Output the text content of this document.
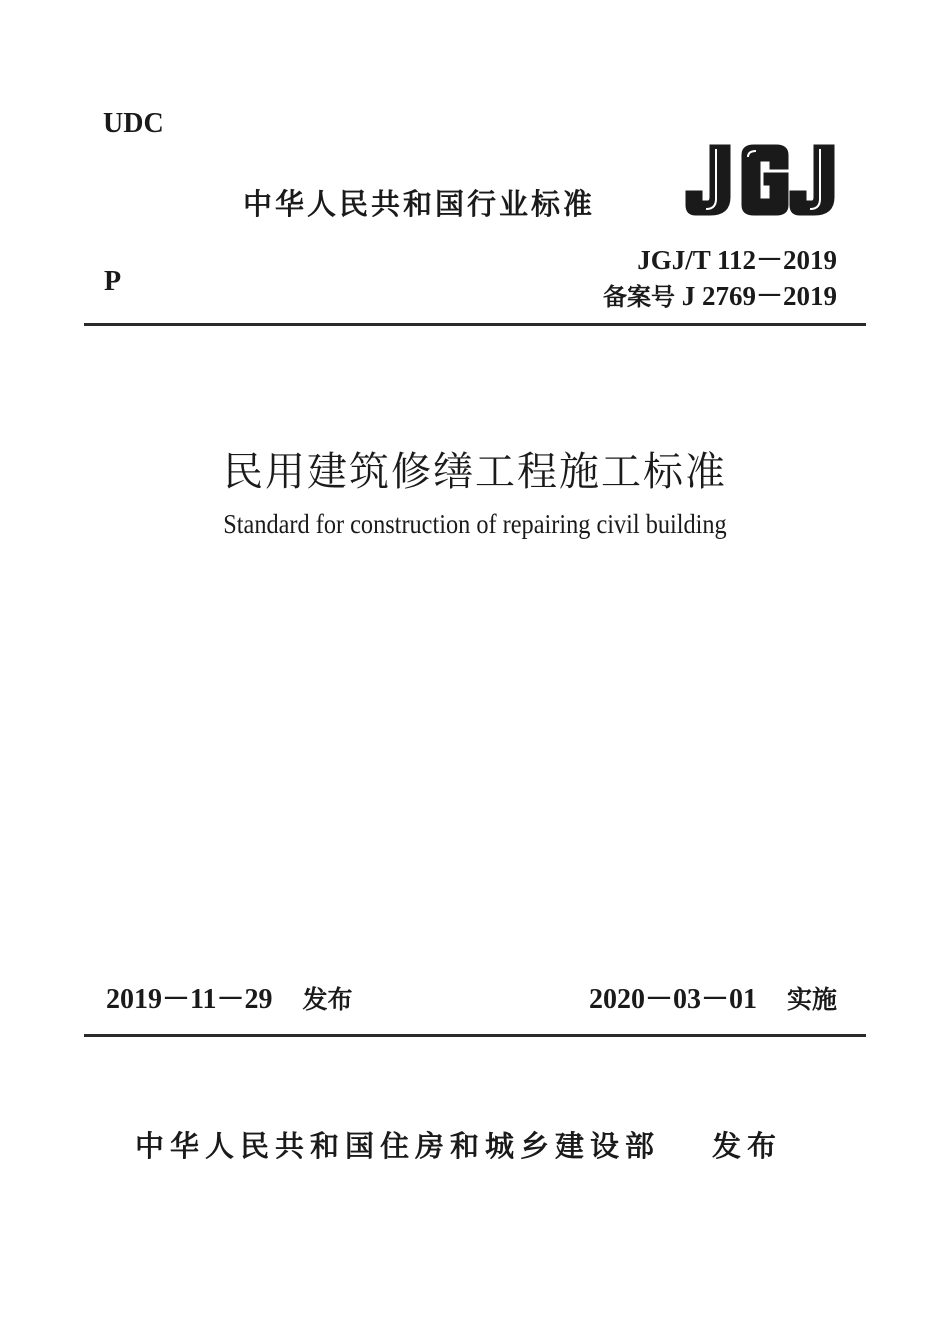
UDC
P
中华人民共和国行业标准
JGJ/T 112－2019
备案号 J 2769－2019
民用建筑修缮工程施工标准
Standard for construction of repairing civil building
2019－11－29 发布	2020－03－01 实施
中华人民共和国住房和城乡建设部 发布
